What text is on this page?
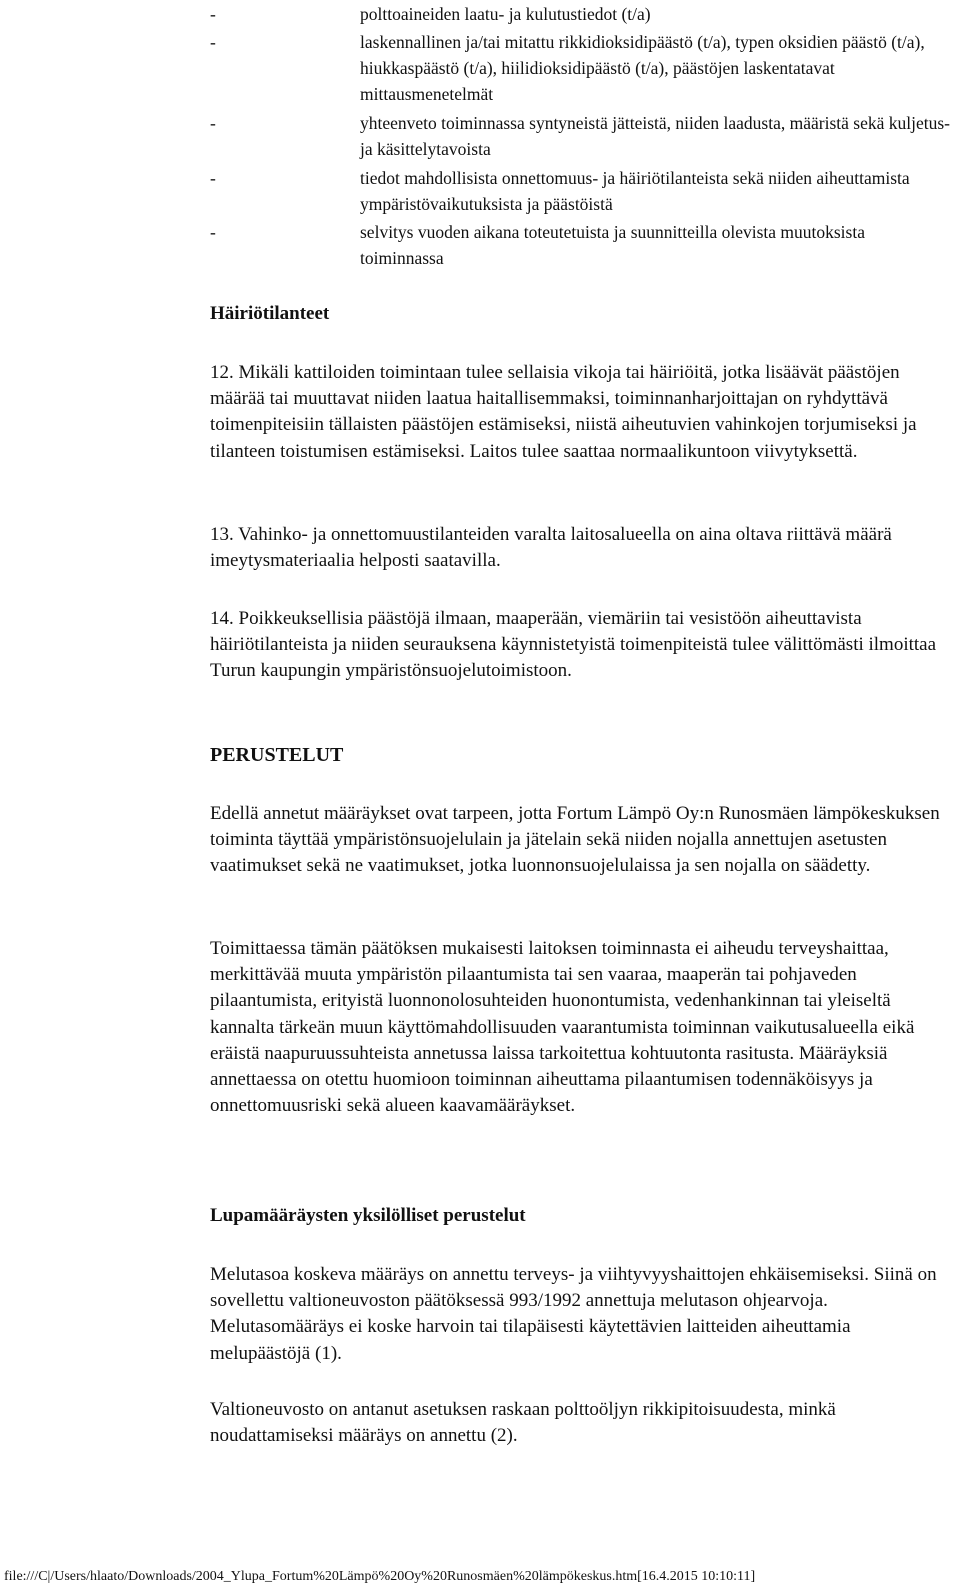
-	polttoaineiden laatu- ja kulutustiedot (t/a)
-	laskennallinen ja/tai mitattu rikkidioksidipäästö (t/a), typen oksidien päästö (t/a), hiukkaspäästö (t/a), hiilidioksidipäästö (t/a), päästöjen laskentatavat mittausmenetelmät
-	yhteenveto toiminnassa syntyneistä jätteistä, niiden laadusta, määristä sekä kuljetus- ja käsittelytavoista
-	tiedot mahdollisista onnettomuus- ja häiriötilanteista sekä niiden aiheuttamista ympäristövaikutuksista ja päästöistä
-	selvitys vuoden aikana toteutetuista ja suunnitteilla olevista muutoksista toiminnassa
Häiriötilanteet

12. Mikäli kattiloiden toimintaan tulee sellaisia vikoja tai häiriöitä, jotka lisäävät päästöjen määrää tai muuttavat niiden laatua haitallisemmaksi, toiminnanharjoittajan on ryhdyttävä toimenpiteisiin tällaisten päästöjen estämiseksi, niistä aiheutuvien vahinkojen torjumiseksi ja tilanteen toistumisen estämiseksi. Laitos tulee saattaa normaalikuntoon viivytyksettä.

13. Vahinko- ja onnettomuustilanteiden varalta laitosalueella on aina oltava riittävä määrä imeytysmateriaalia helposti saatavilla.

14. Poikkeuksellisia päästöjä ilmaan, maaperään, viemäriin tai vesistöön aiheuttavista häiriötilanteista ja niiden seurauksena käynnistetyistä toimenpiteistä tulee välittömästi ilmoittaa Turun kaupungin ympäristönsuojelutoimistoon.

PERUSTELUT

Edellä annetut määräykset ovat tarpeen, jotta Fortum Lämpö Oy:n Runosmäen lämpökeskuksen toiminta täyttää ympäristönsuojelulain ja jätelain sekä niiden nojalla annettujen asetusten vaatimukset sekä ne vaatimukset, jotka luonnonsuojelulaissa ja sen nojalla on säädetty.

Toimittaessa tämän päätöksen mukaisesti laitoksen toiminnasta ei aiheudu terveyshaittaa, merkittävää muuta ympäristön pilaantumista tai sen vaaraa, maaperän tai pohjaveden pilaantumista, erityistä luonnonolosuhteiden huonontumista, vedenhankinnan tai yleiseltä kannalta tärkeän muun käyttömahdollisuuden vaarantumista toiminnan vaikutusalueella eikä eräistä naapuruussuhteista annetussa laissa tarkoitettua kohtuutonta rasitusta. Määräyksiä annettaessa on otettu huomioon toiminnan aiheuttama pilaantumisen todennäköisyys ja onnettomuusriski sekä alueen kaavamääräykset.

Lupamääräysten yksilölliset perustelut

Melutasoa koskeva määräys on annettu terveys- ja viihtyvyyshaittojen ehkäisemiseksi. Siinä on sovellettu valtioneuvoston päätöksessä 993/1992 annettuja melutason ohjearvoja. Melutasomääräys ei koske harvoin tai tilapäisesti käytettävien laitteiden aiheuttamia melupäästöjä (1).

Valtioneuvosto on antanut asetuksen raskaan polttoöljyn rikkipitoisuudesta, minkä noudattamiseksi määräys on annettu (2).

file:///C|/Users/hlaato/Downloads/2004_Ylupa_Fortum%20Lämpö%20Oy%20Runosmäen%20lämpökeskus.htm[16.4.2015 10:10:11]
